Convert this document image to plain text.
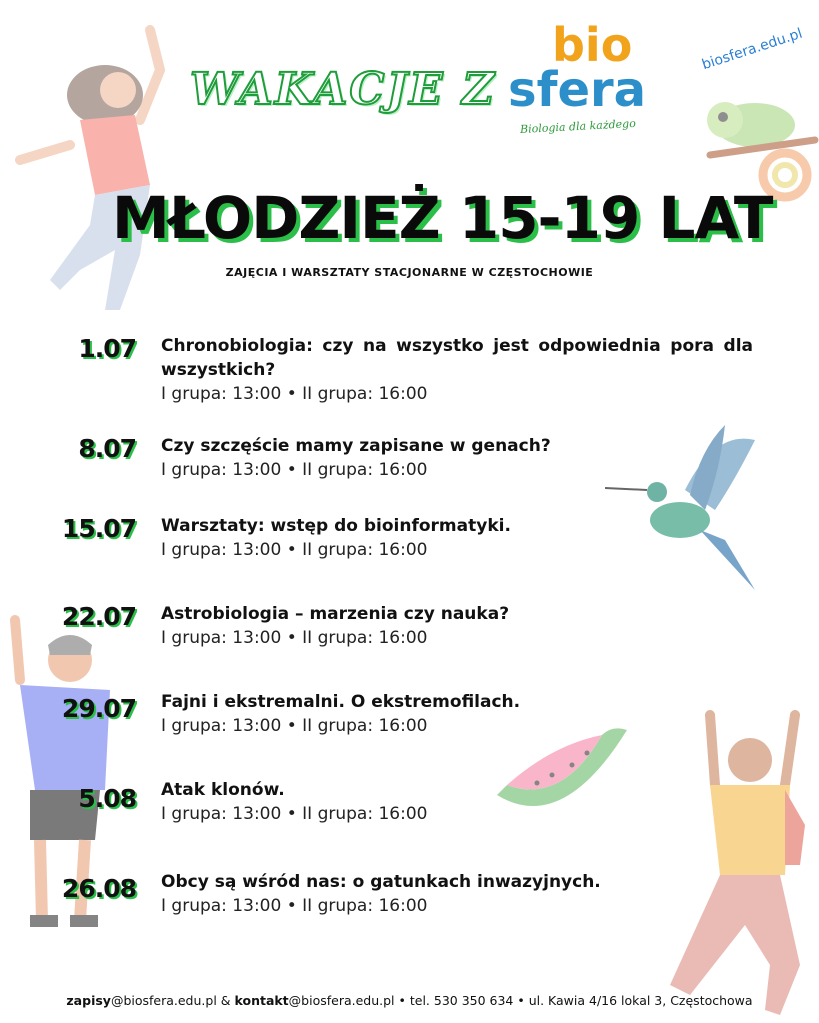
WAKACJE Z
bio
sfera
Biologia dla każdego
biosfera.edu.pl
MŁODZIEŻ 15-19 LAT
ZAJĘCIA I WARSZTATY STACJONARNE W CZĘSTOCHOWIE
1.07 Chronobiologia: czy na wszystko jest odpowiednia pora dla wszystkich?
I grupa: 13:00 • II grupa: 16:00
8.07 Czy szczęście mamy zapisane w genach?
I grupa: 13:00 • II grupa: 16:00
15.07 Warsztaty: wstęp do bioinformatyki.
I grupa: 13:00 • II grupa: 16:00
22.07 Astrobiologia – marzenia czy nauka?
I grupa: 13:00 • II grupa: 16:00
29.07 Fajni i ekstremalni. O ekstremofilach.
I grupa: 13:00 • II grupa: 16:00
5.08 Atak klonów.
I grupa: 13:00 • II grupa: 16:00
26.08 Obcy są wśród nas: o gatunkach inwazyjnych.
I grupa: 13:00 • II grupa: 16:00
zapisy@biosfera.edu.pl & kontakt@biosfera.edu.pl • tel. 530 350 634 • ul. Kawia 4/16 lokal 3, Częstochowa
